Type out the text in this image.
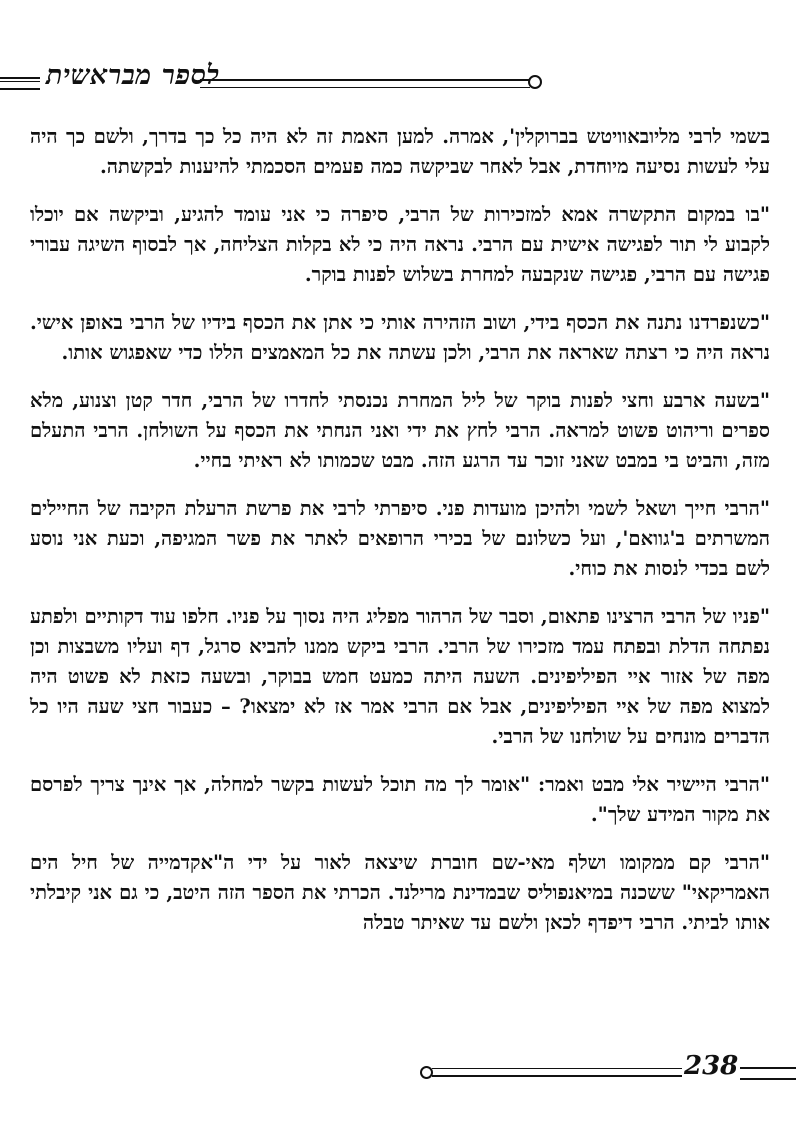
לספר מבראשית

בשמי לרבי מליובאוויטש בברוקלין', אמרה. למען האמת זה לא היה כל כך בדרך, ולשם כך היה עלי לעשות נסיעה מיוחדת, אבל לאחר שביקשה כמה פעמים הסכמתי להיענות לבקשתה.

"בו במקום התקשרה אמא למזכירות של הרבי, סיפרה כי אני עומד להגיע, וביקשה אם יוכלו לקבוע לי תור לפגישה אישית עם הרבי. נראה היה כי לא בקלות הצליחה, אך לבסוף השיגה עבורי פגישה עם הרבי, פגישה שנקבעה למחרת בשלוש לפנות בוקר.

"כשנפרדנו נתנה את הכסף בידי, ושוב הזהירה אותי כי אתן את הכסף בידיו של הרבי באופן אישי. נראה היה כי רצתה שאראה את הרבי, ולכן עשתה את כל המאמצים הללו כדי שאפגוש אותו.

"בשעה ארבע וחצי לפנות בוקר של ליל המחרת נכנסתי לחדרו של הרבי, חדר קטן וצנוע, מלא ספרים וריהוט פשוט למראה. הרבי לחץ את ידי ואני הנחתי את הכסף על השולחן. הרבי התעלם מזה, והביט בי במבט שאני זוכר עד הרגע הזה. מבט שכמותו לא ראיתי בחיי.

"הרבי חייך ושאל לשמי ולהיכן מועדות פני. סיפרתי לרבי את פרשת הרעלת הקיבה של החיילים המשרתים ב'גוואם', ועל כשלונם של בכירי הרופאים לאתר את פשר המגיפה, וכעת אני נוסע לשם בכדי לנסות את כוחי.

"פניו של הרבי הרצינו פתאום, וסבר של הרהור מפליג היה נסוך על פניו. חלפו עוד דקותיים ולפתע נפתחה הדלת ובפתח עמד מזכירו של הרבי. הרבי ביקש ממנו להביא סרגל, דף ועליו משבצות וכן מפה של אזור איי הפיליפינים. השעה היתה כמעט חמש בבוקר, ובשעה כזאת לא פשוט היה למצוא מפה של איי הפיליפינים, אבל אם הרבי אמר אז לא ימצאו? – כעבור חצי שעה היו כל הדברים מונחים על שולחנו של הרבי.

"הרבי היישיר אלי מבט ואמר: "אומר לך מה תוכל לעשות בקשר למחלה, אך אינך צריך לפרסם את מקור המידע שלך".

"הרבי קם ממקומו ושלף מאי-שם חוברת שיצאה לאור על ידי ה"אקדמייה של חיל הים האמריקאי" ששכנה במיאנפוליס שבמדינת מרילנד. הכרתי את הספר הזה היטב, כי גם אני קיבלתי אותו לביתי. הרבי דיפדף לכאן ולשם עד שאיתר טבלה

238
